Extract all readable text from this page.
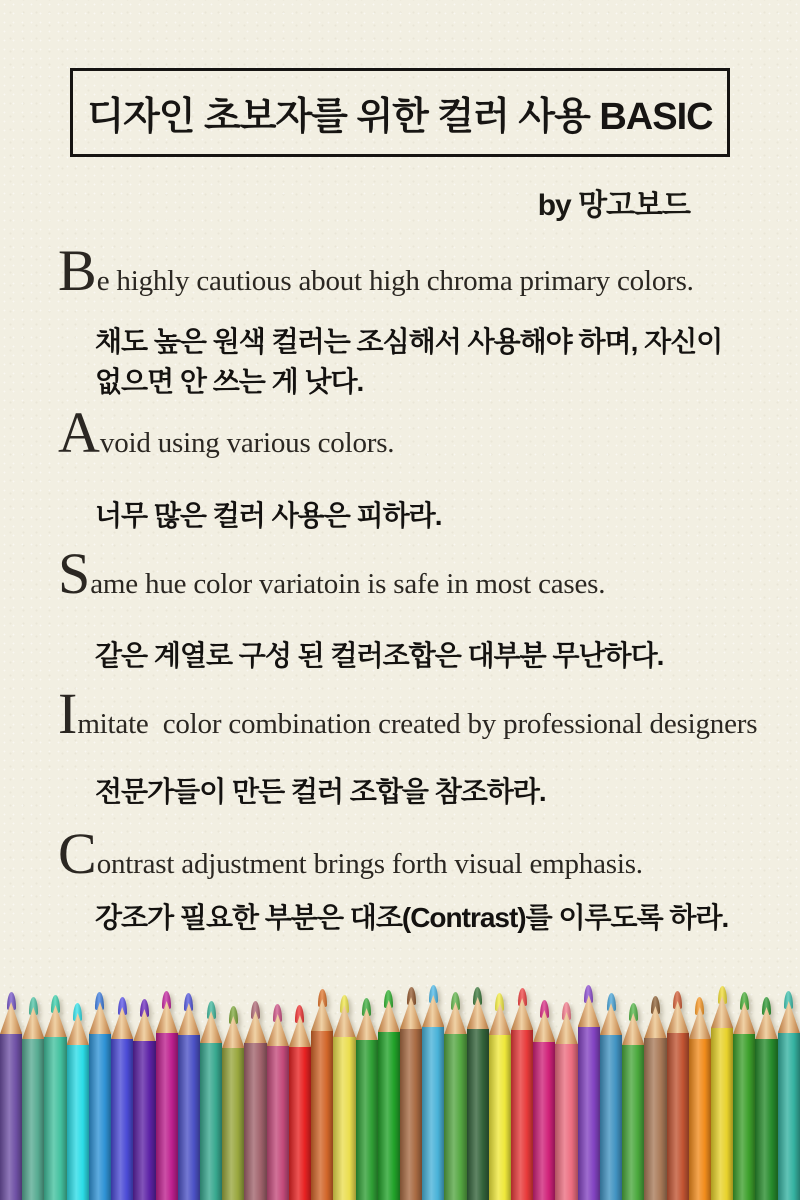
디자인 초보자를 위한 컬러 사용 BASIC
by 망고보드
Be highly cautious about high chroma primary colors.
채도 높은 원색 컬러는 조심해서 사용해야 하며, 자신이
없으면 안 쓰는 게 낫다.
Avoid using various colors.
너무 많은 컬러 사용은 피하라.
Same hue color variatoin is safe in most cases.
같은 계열로 구성 된 컬러조합은 대부분 무난하다.
Imitate  color combination created by professional designers
전문가들이 만든 컬러 조합을 참조하라.
Contrast adjustment brings forth visual emphasis.
강조가 필요한 부분은 대조(Contrast)를 이루도록 하라.
